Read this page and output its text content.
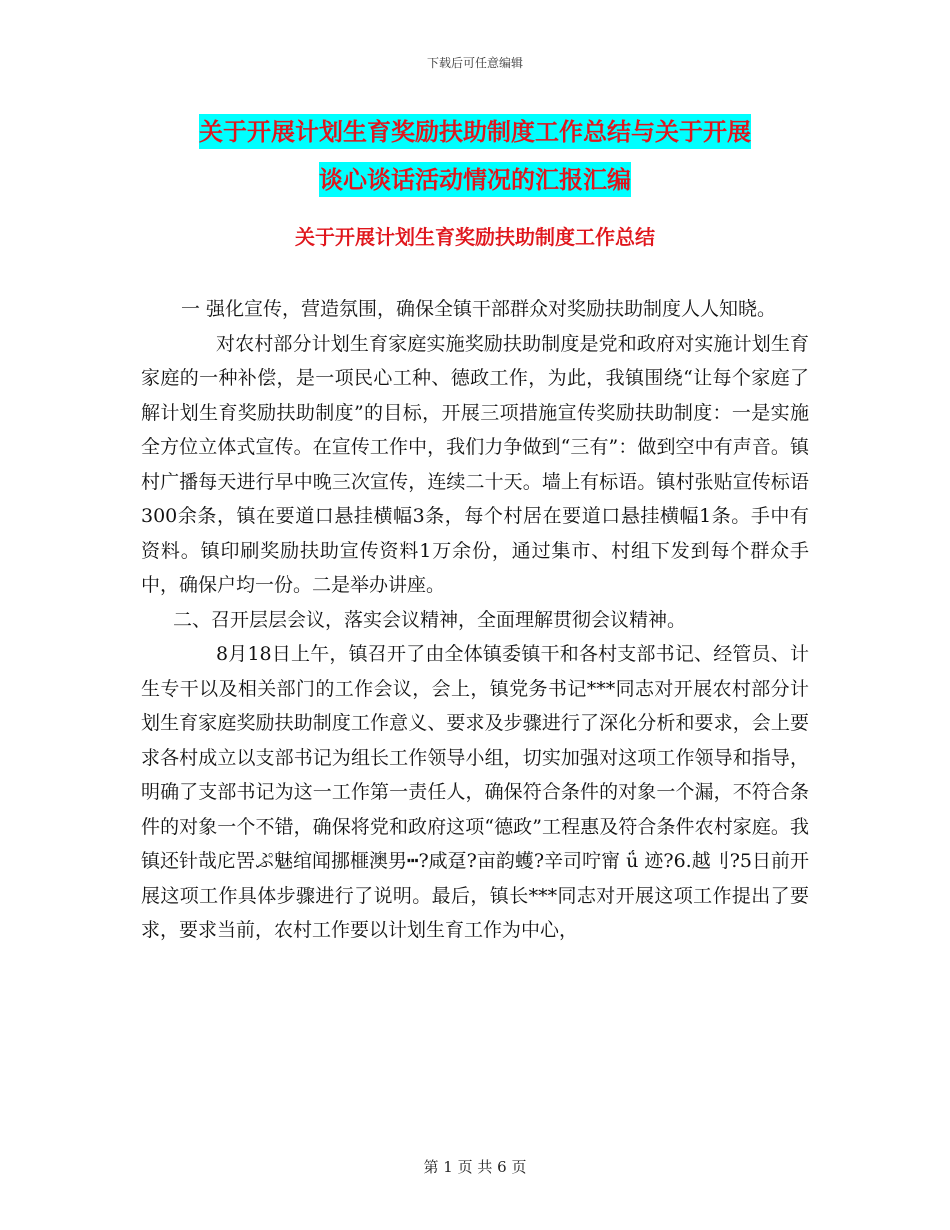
下载后可任意编辑
关于开展计划生育奖励扶助制度工作总结与关于开展
谈心谈话活动情况的汇报汇编
关于开展计划生育奖励扶助制度工作总结

一 强化宣传，营造氛围，确保全镇干部群众对奖励扶助制度人人知晓。

对农村部分计划生育家庭实施奖励扶助制度是党和政府对实施计划生育家庭的一种补偿，是一项民心工种、德政工作，为此，我镇围绕“让每个家庭了解计划生育奖励扶助制度”的目标，开展三项措施宣传奖励扶助制度：一是实施全方位立体式宣传。在宣传工作中，我们力争做到“三有”：做到空中有声音。镇村广播每天进行早中晚三次宣传，连续二十天。墙上有标语。镇村张贴宣传标语300余条，镇在要道口悬挂横幅3条，每个村居在要道口悬挂横幅1条。手中有资料。镇印刷奖励扶助宣传资料1万余份，通过集市、村组下发到每个群众手中，确保户均一份。二是举办讲座。

二、召开层层会议，落实会议精神，全面理解贯彻会议精神。

8月18日上午，镇召开了由全体镇委镇干和各村支部书记、经管员、计生专干以及相关部门的工作会议，会上，镇党务书记***同志对开展农村部分计划生育家庭奖励扶助制度工作意义、要求及步骤进行了深化分析和要求，会上要求各村成立以支部书记为组长工作领导小组，切实加强对这项工作领导和指导，明确了支部书记为这一工作第一责任人，确保符合条件的对象一个漏，不符合条件的对象一个不错，确保将党和政府这项“德政”工程惠及符合条件农村家庭。我镇还针哉庀罟ぷ魅绾闻挪榧澳男┅?咸趸?亩韵蠖?辛司咛甯 ǘ 迹?6.越刂?5日前开展这项工作具体步骤进行了说明。最后，镇长***同志对开展这项工作提出了要求，要求当前，农村工作要以计划生育工作为中心，

第 1 页 共 6 页
